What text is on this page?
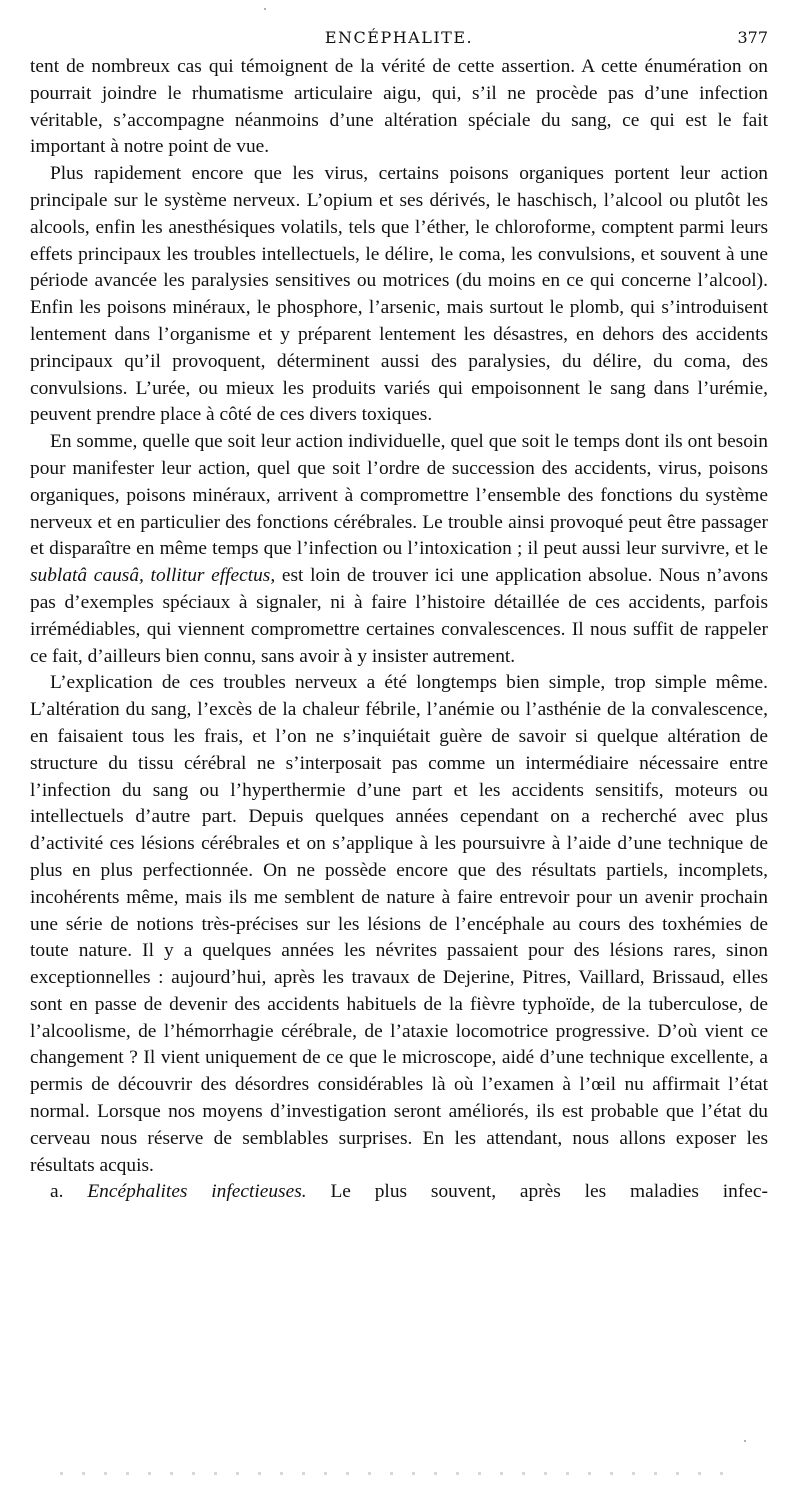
ENCÉPHALITE.	377

tent de nombreux cas qui témoignent de la vérité de cette assertion. A cette énumération on pourrait joindre le rhumatisme articulaire aigu, qui, s’il ne procède pas d’une infection véritable, s’accompagne néanmoins d’une altération spéciale du sang, ce qui est le fait important à notre point de vue.

Plus rapidement encore que les virus, certains poisons organiques portent leur action principale sur le système nerveux. L’opium et ses dérivés, le haschisch, l’alcool ou plutôt les alcools, enfin les anesthésiques volatils, tels que l’éther, le chloroforme, comptent parmi leurs effets principaux les troubles intellectuels, le délire, le coma, les convulsions, et souvent à une période avancée les paralysies sensitives ou motrices (du moins en ce qui concerne l’alcool). Enfin les poisons minéraux, le phosphore, l’arsenic, mais surtout le plomb, qui s’introduisent lentement dans l’organisme et y préparent lentement les désastres, en dehors des accidents principaux qu’il provoquent, déterminent aussi des paralysies, du délire, du coma, des convulsions. L’urée, ou mieux les produits variés qui empoisonnent le sang dans l’urémie, peuvent prendre place à côté de ces divers toxiques.

En somme, quelle que soit leur action individuelle, quel que soit le temps dont ils ont besoin pour manifester leur action, quel que soit l’ordre de succession des accidents, virus, poisons organiques, poisons minéraux, arrivent à compromettre l’ensemble des fonctions du système nerveux et en particulier des fonctions cérébrales. Le trouble ainsi provoqué peut être passager et disparaître en même temps que l’infection ou l’intoxication ; il peut aussi leur survivre, et le sublatâ causâ, tollitur effectus, est loin de trouver ici une application absolue. Nous n’avons pas d’exemples spéciaux à signaler, ni à faire l’histoire détaillée de ces accidents, parfois irrémédiables, qui viennent compromettre certaines convalescences. Il nous suffit de rappeler ce fait, d’ailleurs bien connu, sans avoir à y insister autrement.

L’explication de ces troubles nerveux a été longtemps bien simple, trop simple même. L’altération du sang, l’excès de la chaleur fébrile, l’anémie ou l’asthénie de la convalescence, en faisaient tous les frais, et l’on ne s’inquiétait guère de savoir si quelque altération de structure du tissu cérébral ne s’interposait pas comme un intermédiaire nécessaire entre l’infection du sang ou l’hyperthermie d’une part et les accidents sensitifs, moteurs ou intellectuels d’autre part. Depuis quelques années cependant on a recherché avec plus d’activité ces lésions cérébrales et on s’applique à les poursuivre à l’aide d’une technique de plus en plus perfectionnée. On ne possède encore que des résultats partiels, incomplets, incohérents même, mais ils me semblent de nature à faire entrevoir pour un avenir prochain une série de notions très-précises sur les lésions de l’encéphale au cours des toxhémies de toute nature. Il y a quelques années les névrites passaient pour des lésions rares, sinon exceptionnelles : aujourd’hui, après les travaux de Dejerine, Pitres, Vaillard, Brissaud, elles sont en passe de devenir des accidents habituels de la fièvre typhoïde, de la tuberculose, de l’alcoolisme, de l’hémorrhagie cérébrale, de l’ataxie locomotrice progressive. D’où vient ce changement ? Il vient uniquement de ce que le microscope, aidé d’une technique excellente, a permis de découvrir des désordres considérables là où l’examen à l’œil nu affirmait l’état normal. Lorsque nos moyens d’investigation seront améliorés, ils est probable que l’état du cerveau nous réserve de semblables surprises. En les attendant, nous allons exposer les résultats acquis.

a. Encéphalites infectieuses. Le plus souvent, après les maladies infec-
